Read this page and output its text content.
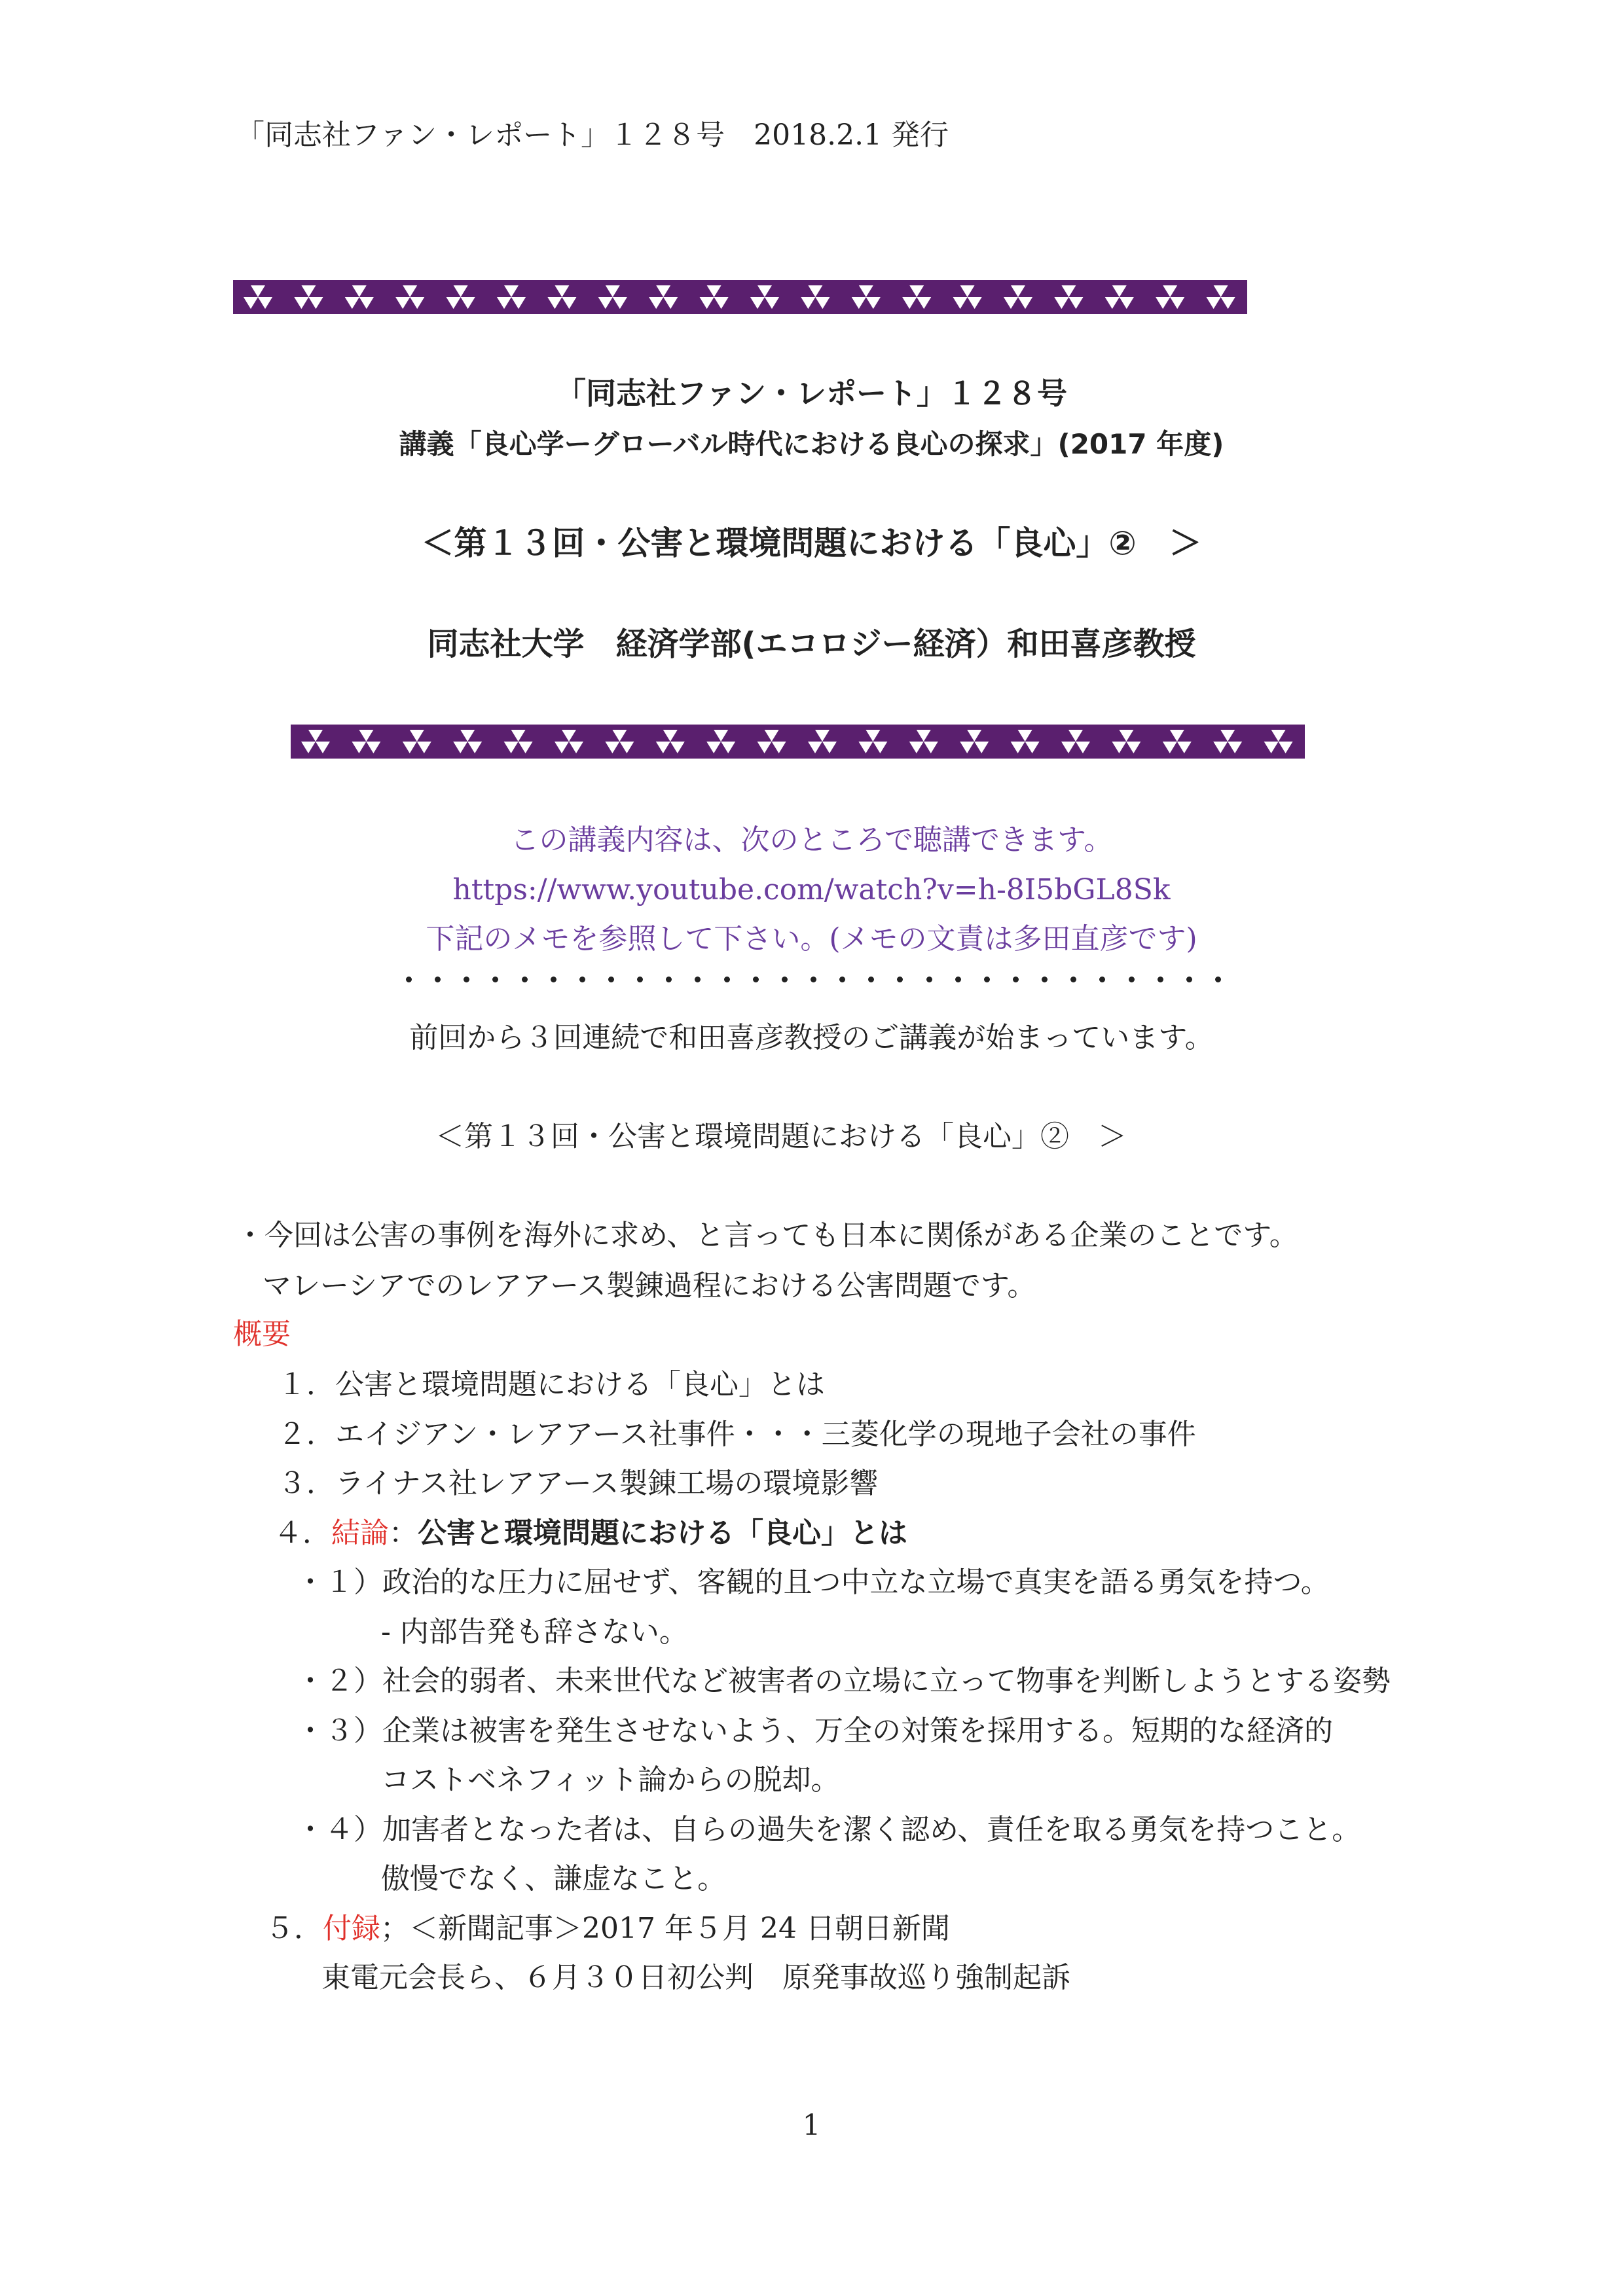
「同志社ファン・レポート」１２８号　2018.2.1 発行
「同志社ファン・レポート」１２８号
講義「良心学ーグローバル時代における良心の探求」(2017 年度)
＜第１３回・公害と環境問題における「良心」②　＞
同志社大学　経済学部(エコロジー経済）和田喜彦教授
この講義内容は、次のところで聴講できます。
https://www.youtube.com/watch?v=h-8I5bGL8Sk
下記のメモを参照して下さい。(メモの文責は多田直彦です)
前回から３回連続で和田喜彦教授のご講義が始まっています。
＜第１３回・公害と環境問題における「良心」②　＞
・今回は公害の事例を海外に求め、と言っても日本に関係がある企業のことです。
マレーシアでのレアアース製錬過程における公害問題です。
概要
１．公害と環境問題における「良心」とは
２．エイジアン・レアアース社事件・・・三菱化学の現地子会社の事件
３．ライナス社レアアース製錬工場の環境影響
４．結論：公害と環境問題における「良心」とは
・１）政治的な圧力に屈せず、客観的且つ中立な立場で真実を語る勇気を持つ。
- 内部告発も辞さない。
・２）社会的弱者、未来世代など被害者の立場に立って物事を判断しようとする姿勢
・３）企業は被害を発生させないよう、万全の対策を採用する。短期的な経済的
コストベネフィット論からの脱却。
・４）加害者となった者は、自らの過失を潔く認め、責任を取る勇気を持つこと。
傲慢でなく、謙虚なこと。
５．付録；＜新聞記事＞2017 年５月 24 日朝日新聞
東電元会長ら、６月３０日初公判　原発事故巡り強制起訴
1
